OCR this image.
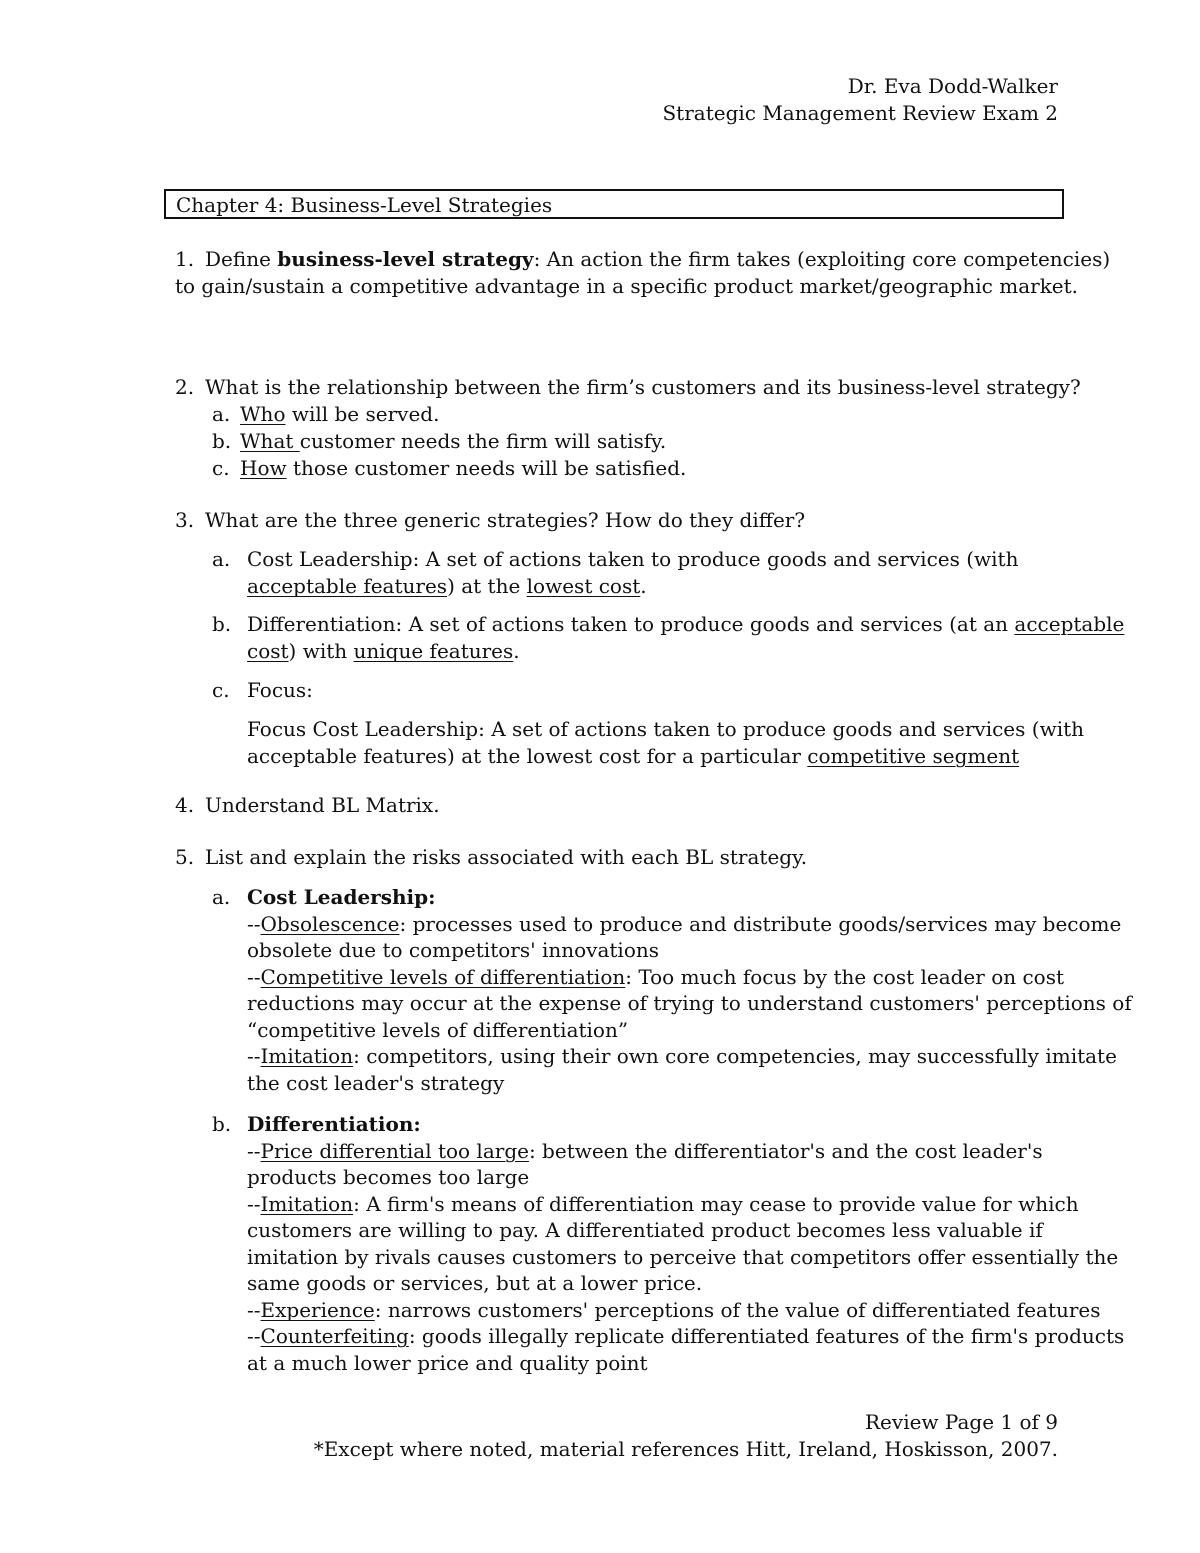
Dr. Eva Dodd-Walker
Strategic Management Review Exam 2
Chapter 4: Business-Level Strategies
1. Define business-level strategy: An action the firm takes (exploiting core competencies)
to gain/sustain a competitive advantage in a specific product market/geographic market.
2. What is the relationship between the firm’s customers and its business-level strategy?
a. Who will be served.
b. What customer needs the firm will satisfy.
c. How those customer needs will be satisfied.
3. What are the three generic strategies? How do they differ?
a. Cost Leadership: A set of actions taken to produce goods and services (with
acceptable features) at the lowest cost.
b. Differentiation: A set of actions taken to produce goods and services (at an acceptable
cost) with unique features.
c. Focus:
Focus Cost Leadership: A set of actions taken to produce goods and services (with
acceptable features) at the lowest cost for a particular competitive segment
4. Understand BL Matrix.
5. List and explain the risks associated with each BL strategy.
a. Cost Leadership:
--Obsolescence: processes used to produce and distribute goods/services may become
obsolete due to competitors' innovations
--Competitive levels of differentiation: Too much focus by the cost leader on cost
reductions may occur at the expense of trying to understand customers' perceptions of
“competitive levels of differentiation”
--Imitation: competitors, using their own core competencies, may successfully imitate
the cost leader's strategy
b. Differentiation:
--Price differential too large: between the differentiator's and the cost leader's
products becomes too large
--Imitation: A firm's means of differentiation may cease to provide value for which
customers are willing to pay. A differentiated product becomes less valuable if
imitation by rivals causes customers to perceive that competitors offer essentially the
same goods or services, but at a lower price.
--Experience: narrows customers' perceptions of the value of differentiated features
--Counterfeiting: goods illegally replicate differentiated features of the firm's products
at a much lower price and quality point
Review Page 1 of 9
*Except where noted, material references Hitt, Ireland, Hoskisson, 2007.
